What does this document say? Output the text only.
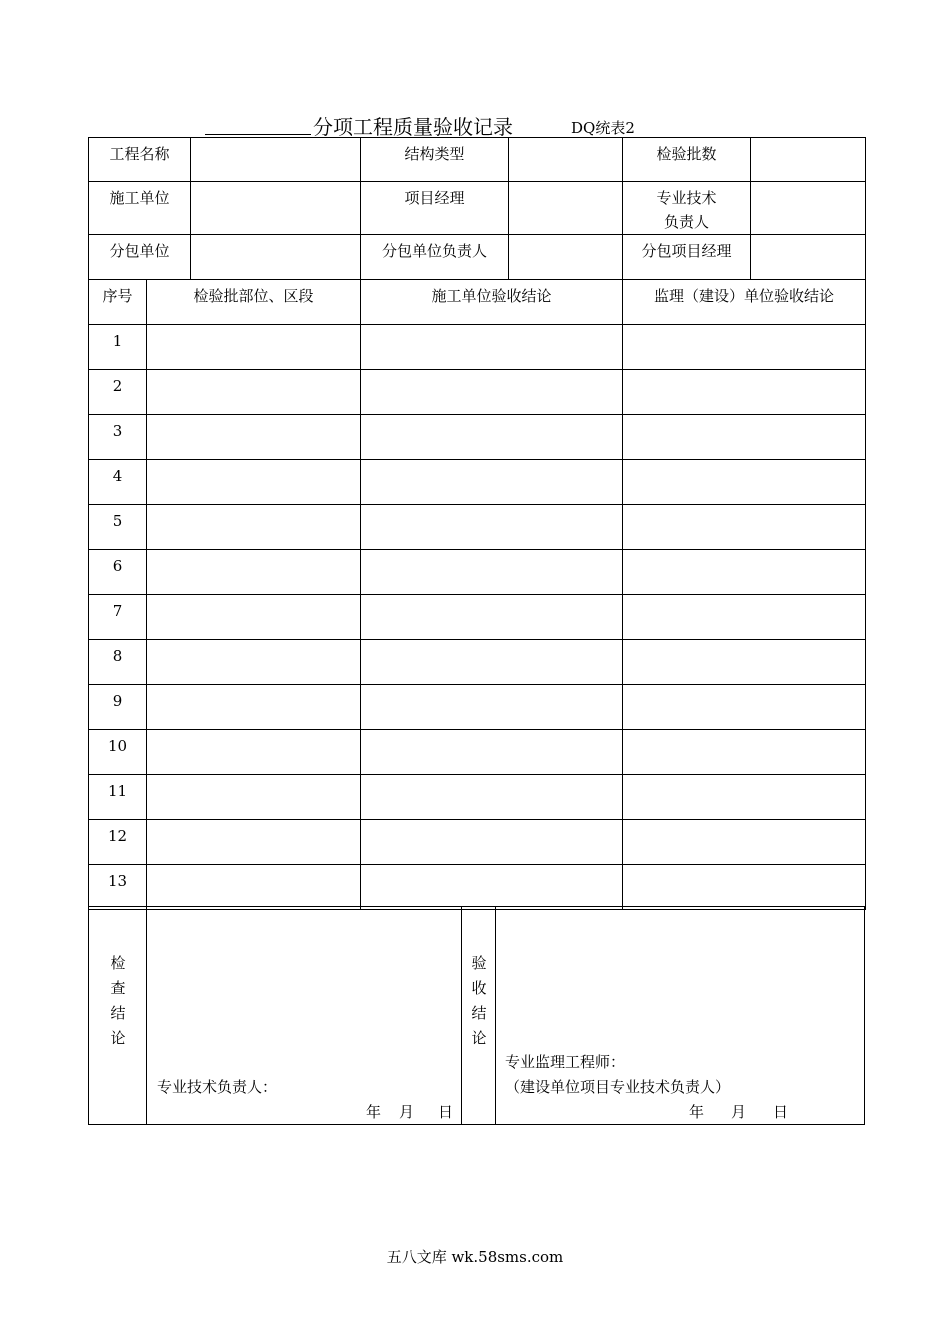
分项工程质量验收记录	DQ统表2
工程名称			结构类型		检验批数	
施工单位			项目经理		专业技术
负责人	

分包单位			分包单位负责人		分包项目经理	
序号	检验批部位、区段		施工单位验收结论		监理（建设）单位验收结论	
1						
2						
3						
4						
5						
6						
7						
8						
9						
10						
11						
12						
13						
检
查
结
论
专业技术负责人：
年 月 日
验
收
结
论
专业监理工程师：
（建设单位项目专业技术负责人）
年 月 日
五八文库 wk.58sms.com
